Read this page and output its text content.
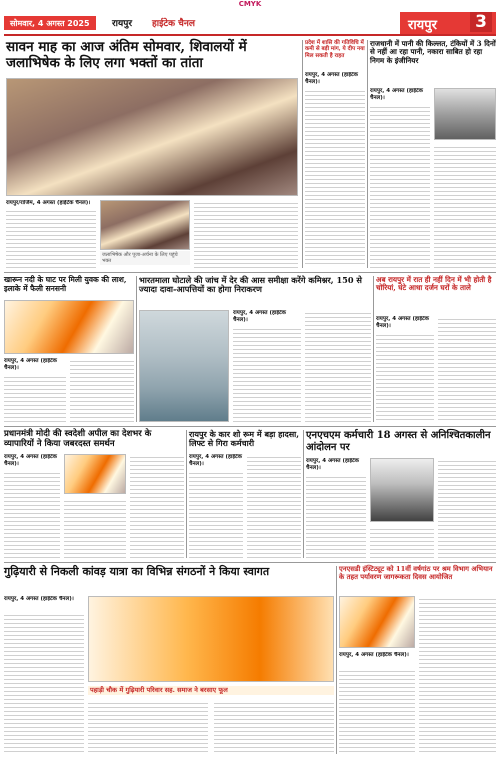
CMYK
सोमवार, 4 अगस्त 2025	रायपुर हाईटेक चैनल	रायपुर 3
सावन माह का आज अंतिम सोमवार, शिवालयों में जलाभिषेक के लिए लगा भक्तों का तांता
रायपुर/राजिम, 4 अगस्त (हाईटेक चैनल)।
जलाभिषेक और पूजा-अर्चना के लिए पहुंचे भक्त
प्रदेश में शासि की गतिविधि में कमी से बड़ी मांग, ये दीप नया मिल सकती है राहत
रायपुर, 4 अगस्त (हाईटेक चैनल)।
राजधानी में पानी की किल्लत, टंकियों में 3 दिनों से नहीं आ रहा पानी, नकारा साबित हो रहा निगम के इंजीनियर
रायपुर, 4 अगस्त (हाईटेक चैनल)।
खारून नदी के घाट पर मिली युवक की लाश, इलाके में फैली सनसनी
रायपुर, 4 अगस्त (हाईटेक चैनल)।
भारतमाला घोटाले की जांच में देर की आस समीक्षा करेंगे कमिश्नर, 150 से ज्यादा दावा-आपत्तियों का होगा निराकरण
रायपुर, 4 अगस्त (हाईटेक चैनल)।
अब रायपुर में रात ही नहीं दिन में भी होती है चोरियां, घंटे आधा दर्जन घरों के ताले
रायपुर, 4 अगस्त (हाईटेक चैनल)।
प्रधानमंत्री मोदी की स्वदेशी अपील का देशभर के व्यापारियों ने किया जबरदस्त समर्थन
रायपुर, 4 अगस्त (हाईटेक चैनल)।
रायपुर के कार शो रूम में बड़ा हादसा, लिफ्ट से गिरा कर्मचारी
रायपुर, 4 अगस्त (हाईटेक चैनल)।
एनएचएम कर्मचारी 18 अगस्त से अनिश्चितकालीन आंदोलन पर
रायपुर, 4 अगस्त (हाईटेक चैनल)।
गुढ़ियारी से निकली कांवड़ यात्रा का विभिन्न संगठनों ने किया स्वागत
रायपुर, 4 अगस्त (हाईटेक चैनल)।
पहाड़ी चौक में गुढ़ियारी परिवार सह. समाज ने बरसाए फूल
एनएसडी इंस्टिट्यूट को 11वीं वर्षगांठ पर श्रम विभाग अभियान के तहत पर्यावरण जागरूकता दिवस आयोजित
रायपुर, 4 अगस्त (हाईटेक चैनल)।
